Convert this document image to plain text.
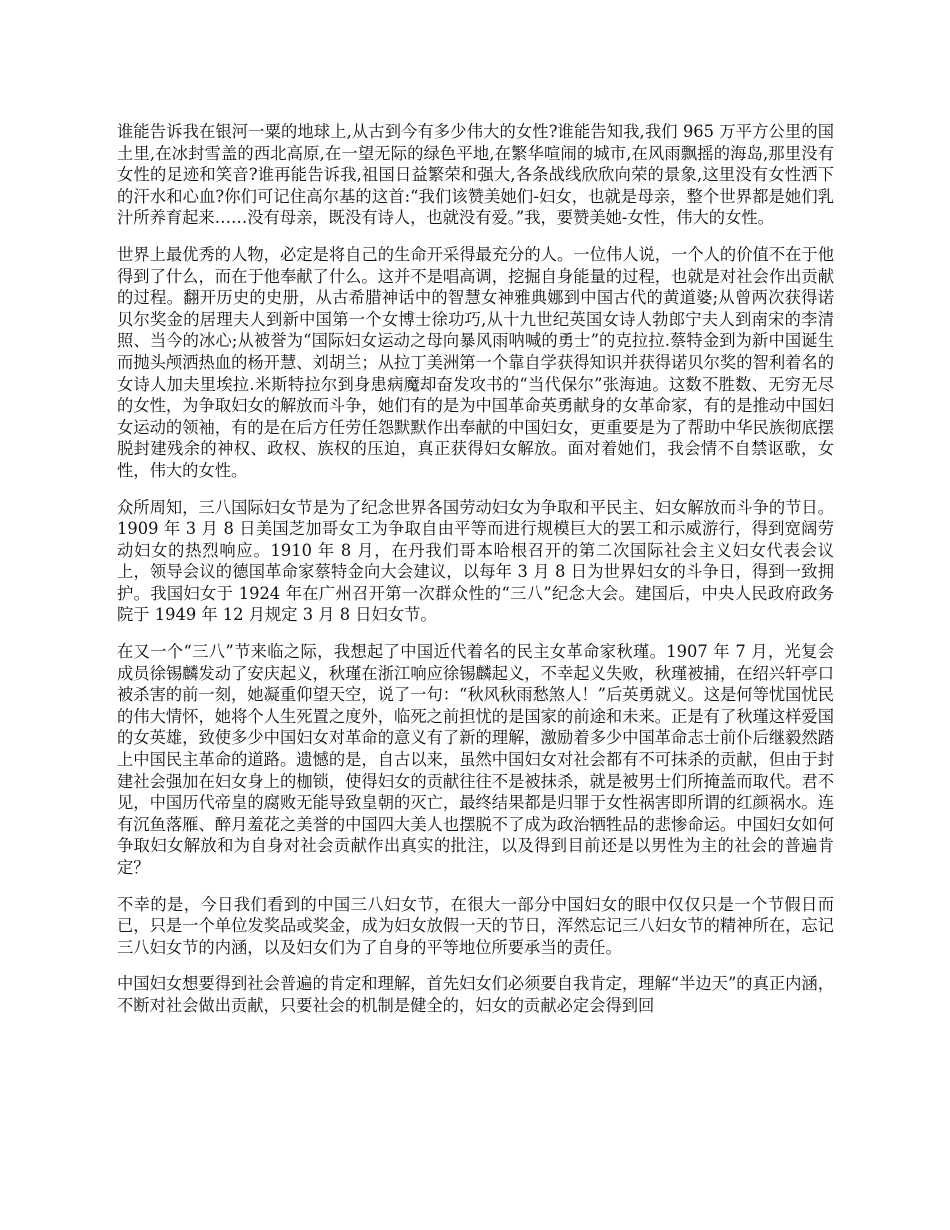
谁能告诉我在银河一粟的地球上,从古到今有多少伟大的女性?谁能告知我,我们 965 万平方公里的国土里,在冰封雪盖的西北高原,在一望无际的绿色平地,在繁华喧闹的城市,在风雨飘摇的海岛,那里没有女性的足迹和笑音?谁再能告诉我,祖国日益繁荣和强大,各条战线欣欣向荣的景象,这里没有女性洒下的汗水和心血?你们可记住高尔基的这首:“我们该赞美她们-妇女，也就是母亲，整个世界都是她们乳汁所养育起来……没有母亲，既没有诗人，也就没有爱。”我，要赞美她-女性，伟大的女性。

世界上最优秀的人物，必定是将自己的生命开采得最充分的人。一位伟人说，一个人的价值不在于他得到了什么，而在于他奉献了什么。这并不是唱高调，挖掘自身能量的过程，也就是对社会作出贡献的过程。翻开历史的史册，从古希腊神话中的智慧女神雅典娜到中国古代的黄道婆;从曾两次获得诺贝尔奖金的居理夫人到新中国第一个女博士徐功巧,从十九世纪英国女诗人勃郎宁夫人到南宋的李清照、当今的冰心;从被誉为“国际妇女运动之母向暴风雨呐喊的勇士”的克拉拉.蔡特金到为新中国诞生而抛头颅洒热血的杨开慧、刘胡兰；从拉丁美洲第一个靠自学获得知识并获得诺贝尔奖的智利着名的女诗人加夫里埃拉.米斯特拉尔到身患病魔却奋发攻书的“当代保尔”张海迪。这数不胜数、无穷无尽的女性，为争取妇女的解放而斗争，她们有的是为中国革命英勇献身的女革命家，有的是推动中国妇女运动的领袖，有的是在后方任劳任怨默默作出奉献的中国妇女，更重要是为了帮助中华民族彻底摆脱封建残余的神权、政权、族权的压迫，真正获得妇女解放。面对着她们，我会情不自禁讴歌，女性，伟大的女性。

众所周知，三八国际妇女节是为了纪念世界各国劳动妇女为争取和平民主、妇女解放而斗争的节日。1909 年 3 月 8 日美国芝加哥女工为争取自由平等而进行规模巨大的罢工和示威游行，得到宽阔劳动妇女的热烈响应。1910 年 8 月，在丹我们哥本哈根召开的第二次国际社会主义妇女代表会议上，领导会议的德国革命家蔡特金向大会建议，以每年 3 月 8 日为世界妇女的斗争日，得到一致拥护。我国妇女于 1924 年在广州召开第一次群众性的“三八”纪念大会。建国后，中央人民政府政务院于 1949 年 12 月规定 3 月 8 日妇女节。

在又一个“三八”节来临之际，我想起了中国近代着名的民主女革命家秋瑾。1907 年 7 月，光复会成员徐锡麟发动了安庆起义，秋瑾在浙江响应徐锡麟起义，不幸起义失败，秋瑾被捕，在绍兴轩亭口被杀害的前一刻，她凝重仰望天空，说了一句：“秋风秋雨愁煞人！”后英勇就义。这是何等忧国忧民的伟大情怀，她将个人生死置之度外，临死之前担忧的是国家的前途和未来。正是有了秋瑾这样爱国的女英雄，致使多少中国妇女对革命的意义有了新的理解，激励着多少中国革命志士前仆后继毅然踏上中国民主革命的道路。遗憾的是，自古以来，虽然中国妇女对社会都有不可抹杀的贡献，但由于封建社会强加在妇女身上的枷锁，使得妇女的贡献往往不是被抹杀，就是被男士们所掩盖而取代。君不见，中国历代帝皇的腐败无能导致皇朝的灭亡，最终结果都是归罪于女性祸害即所谓的红颜祸水。连有沉鱼落雁、醉月羞花之美誉的中国四大美人也摆脱不了成为政治牺牲品的悲惨命运。中国妇女如何争取妇女解放和为自身对社会贡献作出真实的批注，以及得到目前还是以男性为主的社会的普遍肯定？

不幸的是，今日我们看到的中国三八妇女节，在很大一部分中国妇女的眼中仅仅只是一个节假日而已，只是一个单位发奖品或奖金，成为妇女放假一天的节日，浑然忘记三八妇女节的精神所在，忘记三八妇女节的内涵，以及妇女们为了自身的平等地位所要承当的责任。

中国妇女想要得到社会普遍的肯定和理解，首先妇女们必须要自我肯定，理解“半边天”的真正内涵，不断对社会做出贡献，只要社会的机制是健全的，妇女的贡献必定会得到回
